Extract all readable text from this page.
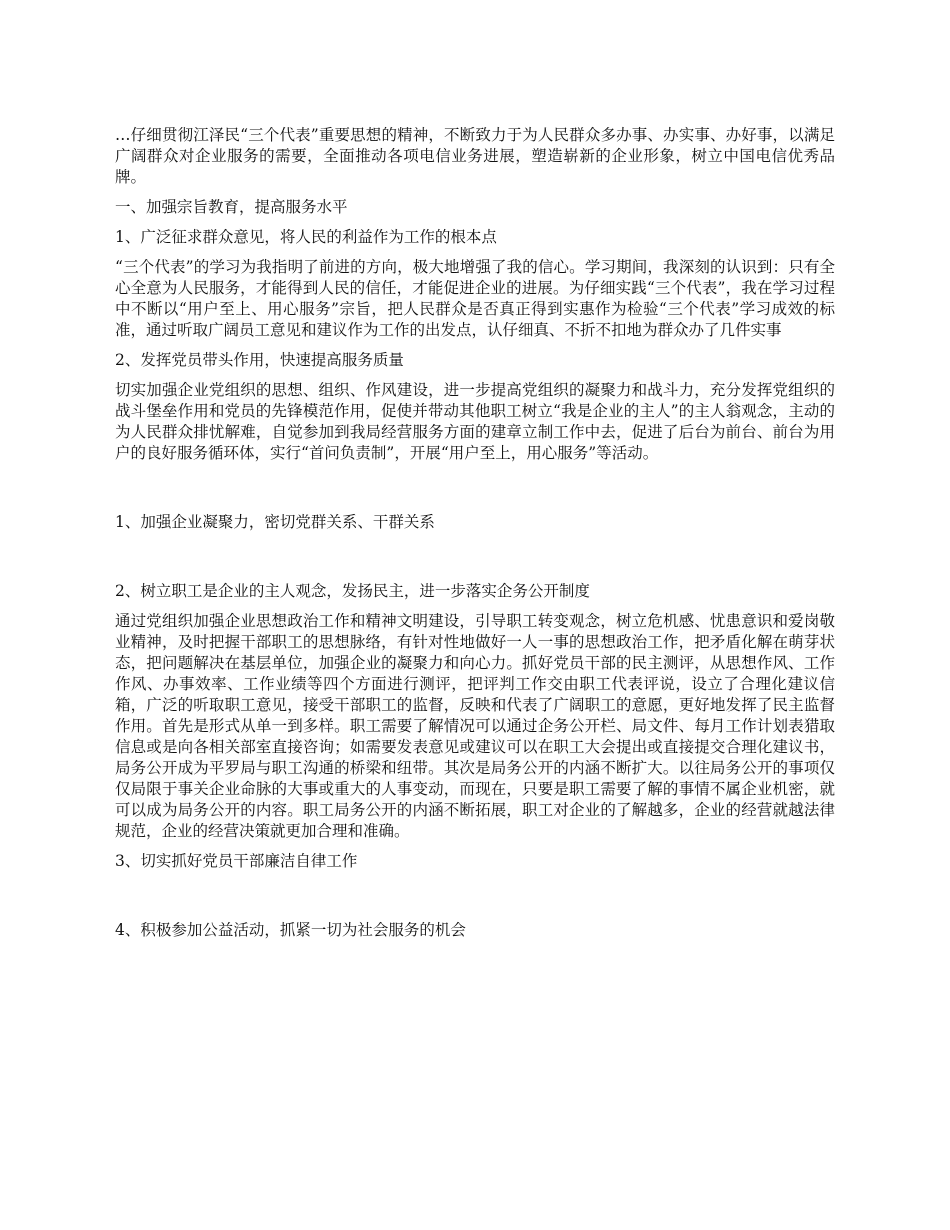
…仔细贯彻江泽民“三个代表”重要思想的精神，不断致力于为人民群众多办事、办实事、办好事，以满足广阔群众对企业服务的需要，全面推动各项电信业务进展，塑造崭新的企业形象，树立中国电信优秀品牌。

一、加强宗旨教育，提高服务水平

1、广泛征求群众意见，将人民的利益作为工作的根本点

“三个代表”的学习为我指明了前进的方向，极大地增强了我的信心。学习期间，我深刻的认识到：只有全心全意为人民服务，才能得到人民的信任，才能促进企业的进展。为仔细实践“三个代表”，我在学习过程中不断以“用户至上、用心服务”宗旨，把人民群众是否真正得到实惠作为检验“三个代表”学习成效的标准，通过听取广阔员工意见和建议作为工作的出发点，认仔细真、不折不扣地为群众办了几件实事

2、发挥党员带头作用，快速提高服务质量

切实加强企业党组织的思想、组织、作风建设，进一步提高党组织的凝聚力和战斗力，充分发挥党组织的战斗堡垒作用和党员的先锋模范作用，促使并带动其他职工树立“我是企业的主人”的主人翁观念，主动的为人民群众排忧解难，自觉参加到我局经营服务方面的建章立制工作中去，促进了后台为前台、前台为用户的良好服务循环体，实行“首问负责制”，开展“用户至上，用心服务”等活动。

1、加强企业凝聚力，密切党群关系、干群关系

2、树立职工是企业的主人观念，发扬民主，进一步落实企务公开制度

通过党组织加强企业思想政治工作和精神文明建设，引导职工转变观念，树立危机感、忧患意识和爱岗敬业精神，及时把握干部职工的思想脉络，有针对性地做好一人一事的思想政治工作，把矛盾化解在萌芽状态，把问题解决在基层单位，加强企业的凝聚力和向心力。抓好党员干部的民主测评，从思想作风、工作作风、办事效率、工作业绩等四个方面进行测评，把评判工作交由职工代表评说，设立了合理化建议信箱，广泛的听取职工意见，接受干部职工的监督，反映和代表了广阔职工的意愿，更好地发挥了民主监督作用。首先是形式从单一到多样。职工需要了解情况可以通过企务公开栏、局文件、每月工作计划表猎取信息或是向各相关部室直接咨询；如需要发表意见或建议可以在职工大会提出或直接提交合理化建议书，局务公开成为平罗局与职工沟通的桥梁和纽带。其次是局务公开的内涵不断扩大。以往局务公开的事项仅仅局限于事关企业命脉的大事或重大的人事变动，而现在，只要是职工需要了解的事情不属企业机密，就可以成为局务公开的内容。职工局务公开的内涵不断拓展，职工对企业的了解越多，企业的经营就越法律规范，企业的经营决策就更加合理和准确。

3、切实抓好党员干部廉洁自律工作

4、积极参加公益活动，抓紧一切为社会服务的机会
